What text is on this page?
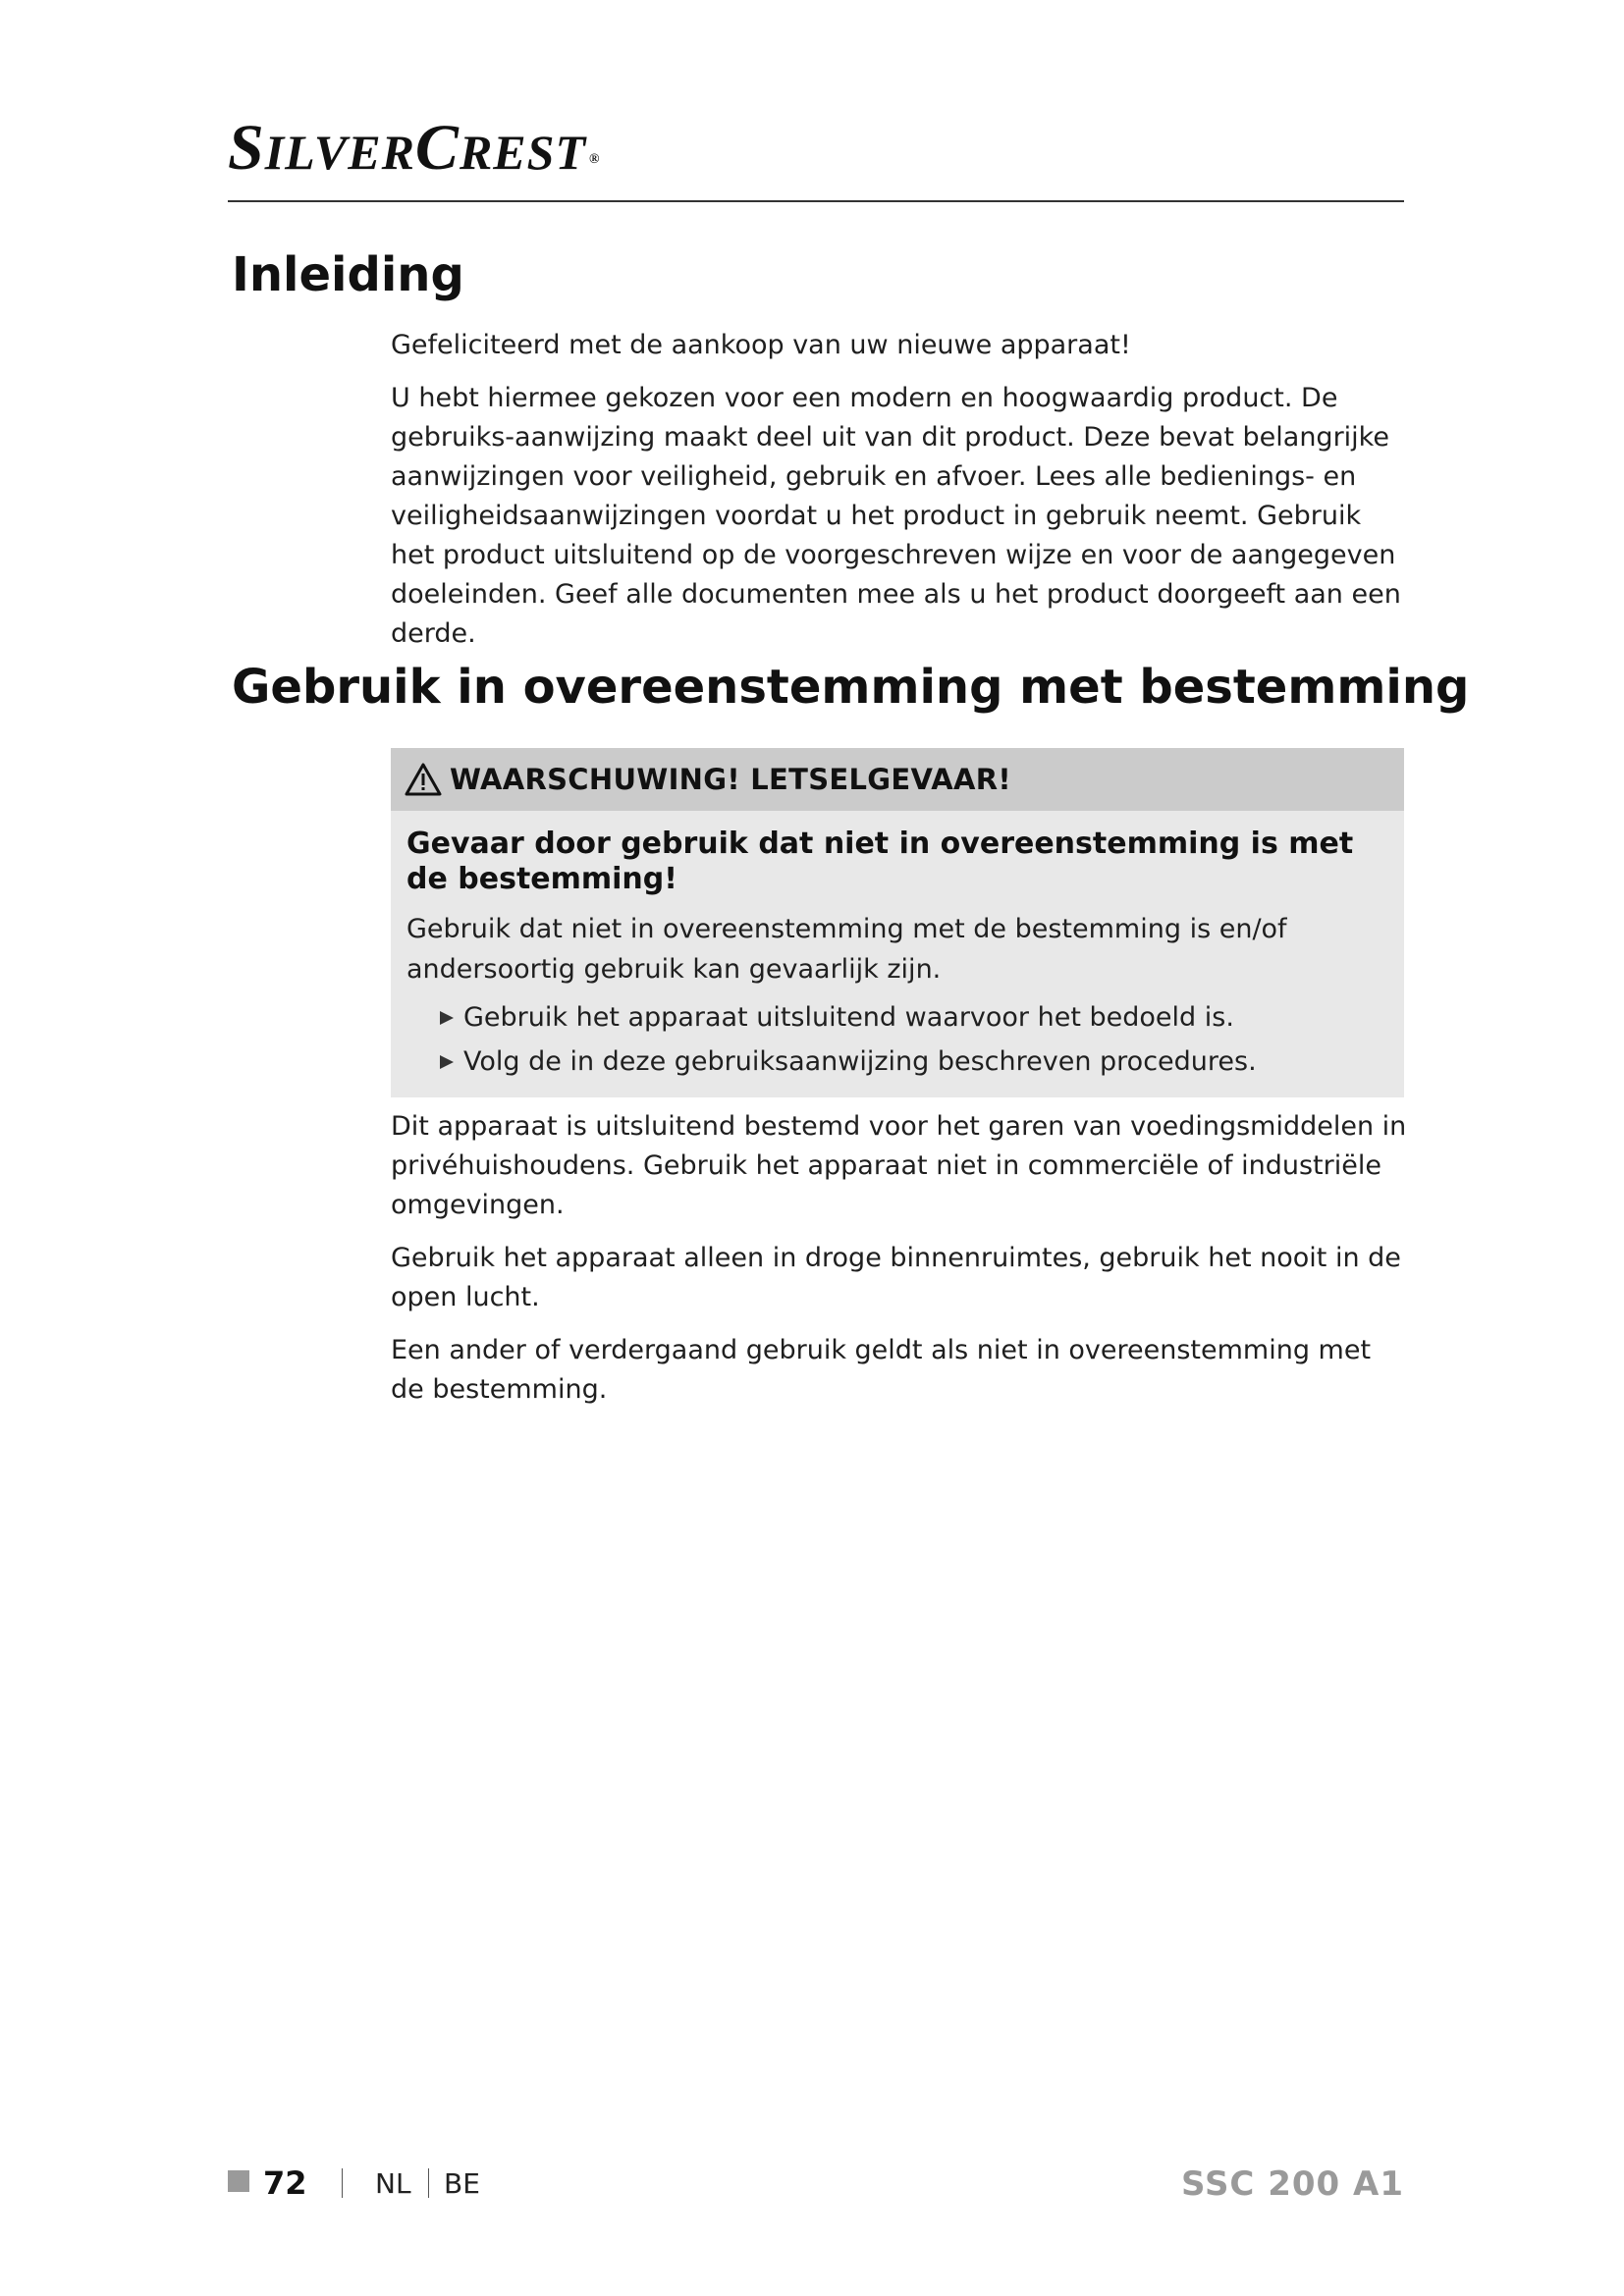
SILVERCREST ®
Inleiding

Gefeliciteerd met de aankoop van uw nieuwe apparaat!

U hebt hiermee gekozen voor een modern en hoogwaardig product. De gebruiks-aanwijzing maakt deel uit van dit product. Deze bevat belangrijke aanwijzingen voor veiligheid, gebruik en afvoer. Lees alle bedienings- en veiligheidsaanwijzingen voordat u het product in gebruik neemt. Gebruik het product uitsluitend op de voorgeschreven wijze en voor de aangegeven doeleinden. Geef alle documenten mee als u het product doorgeeft aan een derde.

Gebruik in overeenstemming met bestemming
WAARSCHUWING! LETSELGEVAAR!

Gevaar door gebruik dat niet in overeenstemming is met de bestemming!

Gebruik dat niet in overeenstemming met de bestemming is en/of andersoortig gebruik kan gevaarlijk zijn.

Gebruik het apparaat uitsluitend waarvoor het bedoeld is.
Volg de in deze gebruiksaanwijzing beschreven procedures.

Dit apparaat is uitsluitend bestemd voor het garen van voedingsmiddelen in privéhuishoudens. Gebruik het apparaat niet in commerciële of industriële omgevingen.

Gebruik het apparaat alleen in droge binnenruimtes, gebruik het nooit in de open lucht.

Een ander of verdergaand gebruik geldt als niet in overeenstemming met de bestemming.

72 NL BE	SSC 200 A1
